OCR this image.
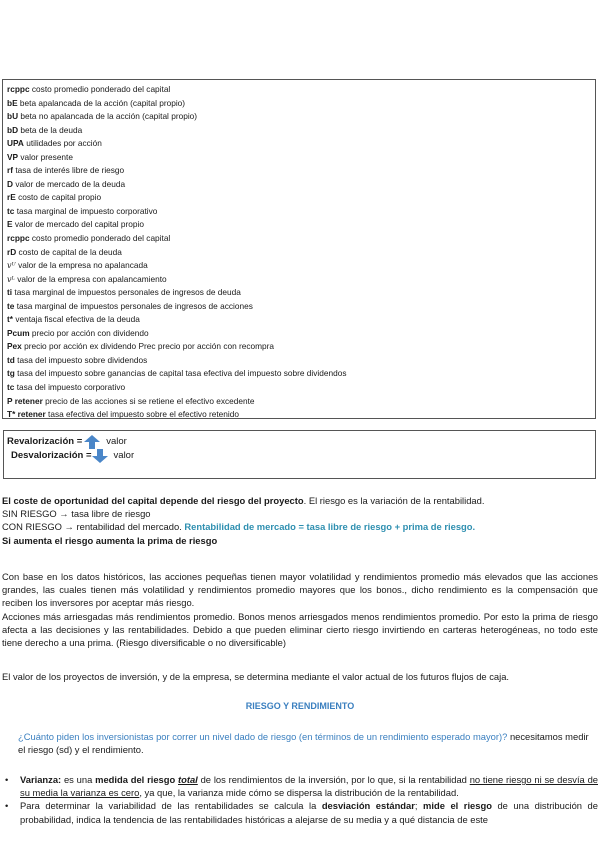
rcppc costo promedio ponderado del capital
bE beta apalancada de la acción (capital propio)
bU beta no apalancada de la acción (capital propio)
bD beta de la deuda
UPA utilidades por acción
VP valor presente
rf tasa de interés libre de riesgo
D valor de mercado de la deuda
rE costo de capital propio
tc tasa marginal de impuesto corporativo
E valor de mercado del capital propio
rcppc costo promedio ponderado del capital
rD costo de capital de la deuda
vᵁ valor de la empresa no apalancada
vᴸ valor de la empresa con apalancamiento
ti tasa marginal de impuestos personales de ingresos de deuda
te tasa marginal de impuestos personales de ingresos de acciones
t* ventaja fiscal efectiva de la deuda
Pcum precio por acción con dividendo
Pex precio por acción ex dividendo Prec precio por acción con recompra
td tasa del impuesto sobre dividendos
tg tasa del impuesto sobre ganancias de capital tasa efectiva del impuesto sobre dividendos
tc tasa del impuesto corporativo
P retener precio de las acciones si se retiene el efectivo excedente
T* retener tasa efectiva del impuesto sobre el efectivo retenido
Revalorización =	valor
Desvalorización = valor
El coste de oportunidad del capital depende del riesgo del proyecto. El riesgo es la variación de la rentabilidad.
SIN RIESGO → tasa libre de riesgo
CON RIESGO → rentabilidad del mercado. Rentabilidad de mercado = tasa libre de riesgo + prima de riesgo.
Si aumenta el riesgo aumenta la prima de riesgo
Con base en los datos históricos, las acciones pequeñas tienen mayor volatilidad y rendimientos promedio más elevados que las acciones grandes, las cuales tienen más volatilidad y rendimientos promedio mayores que los bonos., dicho rendimiento es la compensación que reciben los inversores por aceptar más riesgo.
Acciones más arriesgadas más rendimientos promedio. Bonos menos arriesgados menos rendimientos promedio. Por esto la prima de riesgo afecta a las decisiones y las rentabilidades. Debido a que pueden eliminar cierto riesgo invirtiendo en carteras heterogéneas, no todo este tiene derecho a una prima. (Riesgo diversificable o no diversificable)
El valor de los proyectos de inversión, y de la empresa, se determina mediante el valor actual de los futuros flujos de caja.
RIESGO Y RENDIMIENTO
¿Cuánto piden los inversionistas por correr un nivel dado de riesgo (en términos de un rendimiento esperado mayor)? necesitamos medir el riesgo (sd) y el rendimiento.
• Varianza: es una medida del riesgo total de los rendimientos de la inversión, por lo que, si la rentabilidad no tiene riesgo ni se desvía de su media la varianza es cero, ya que, la varianza mide cómo se dispersa la distribución de la rentabilidad.
• Para determinar la variabilidad de las rentabilidades se calcula la desviación estándar; mide el riesgo de una distribución de probabilidad, indica la tendencia de las rentabilidades históricas a alejarse de su media y a qué distancia de este
